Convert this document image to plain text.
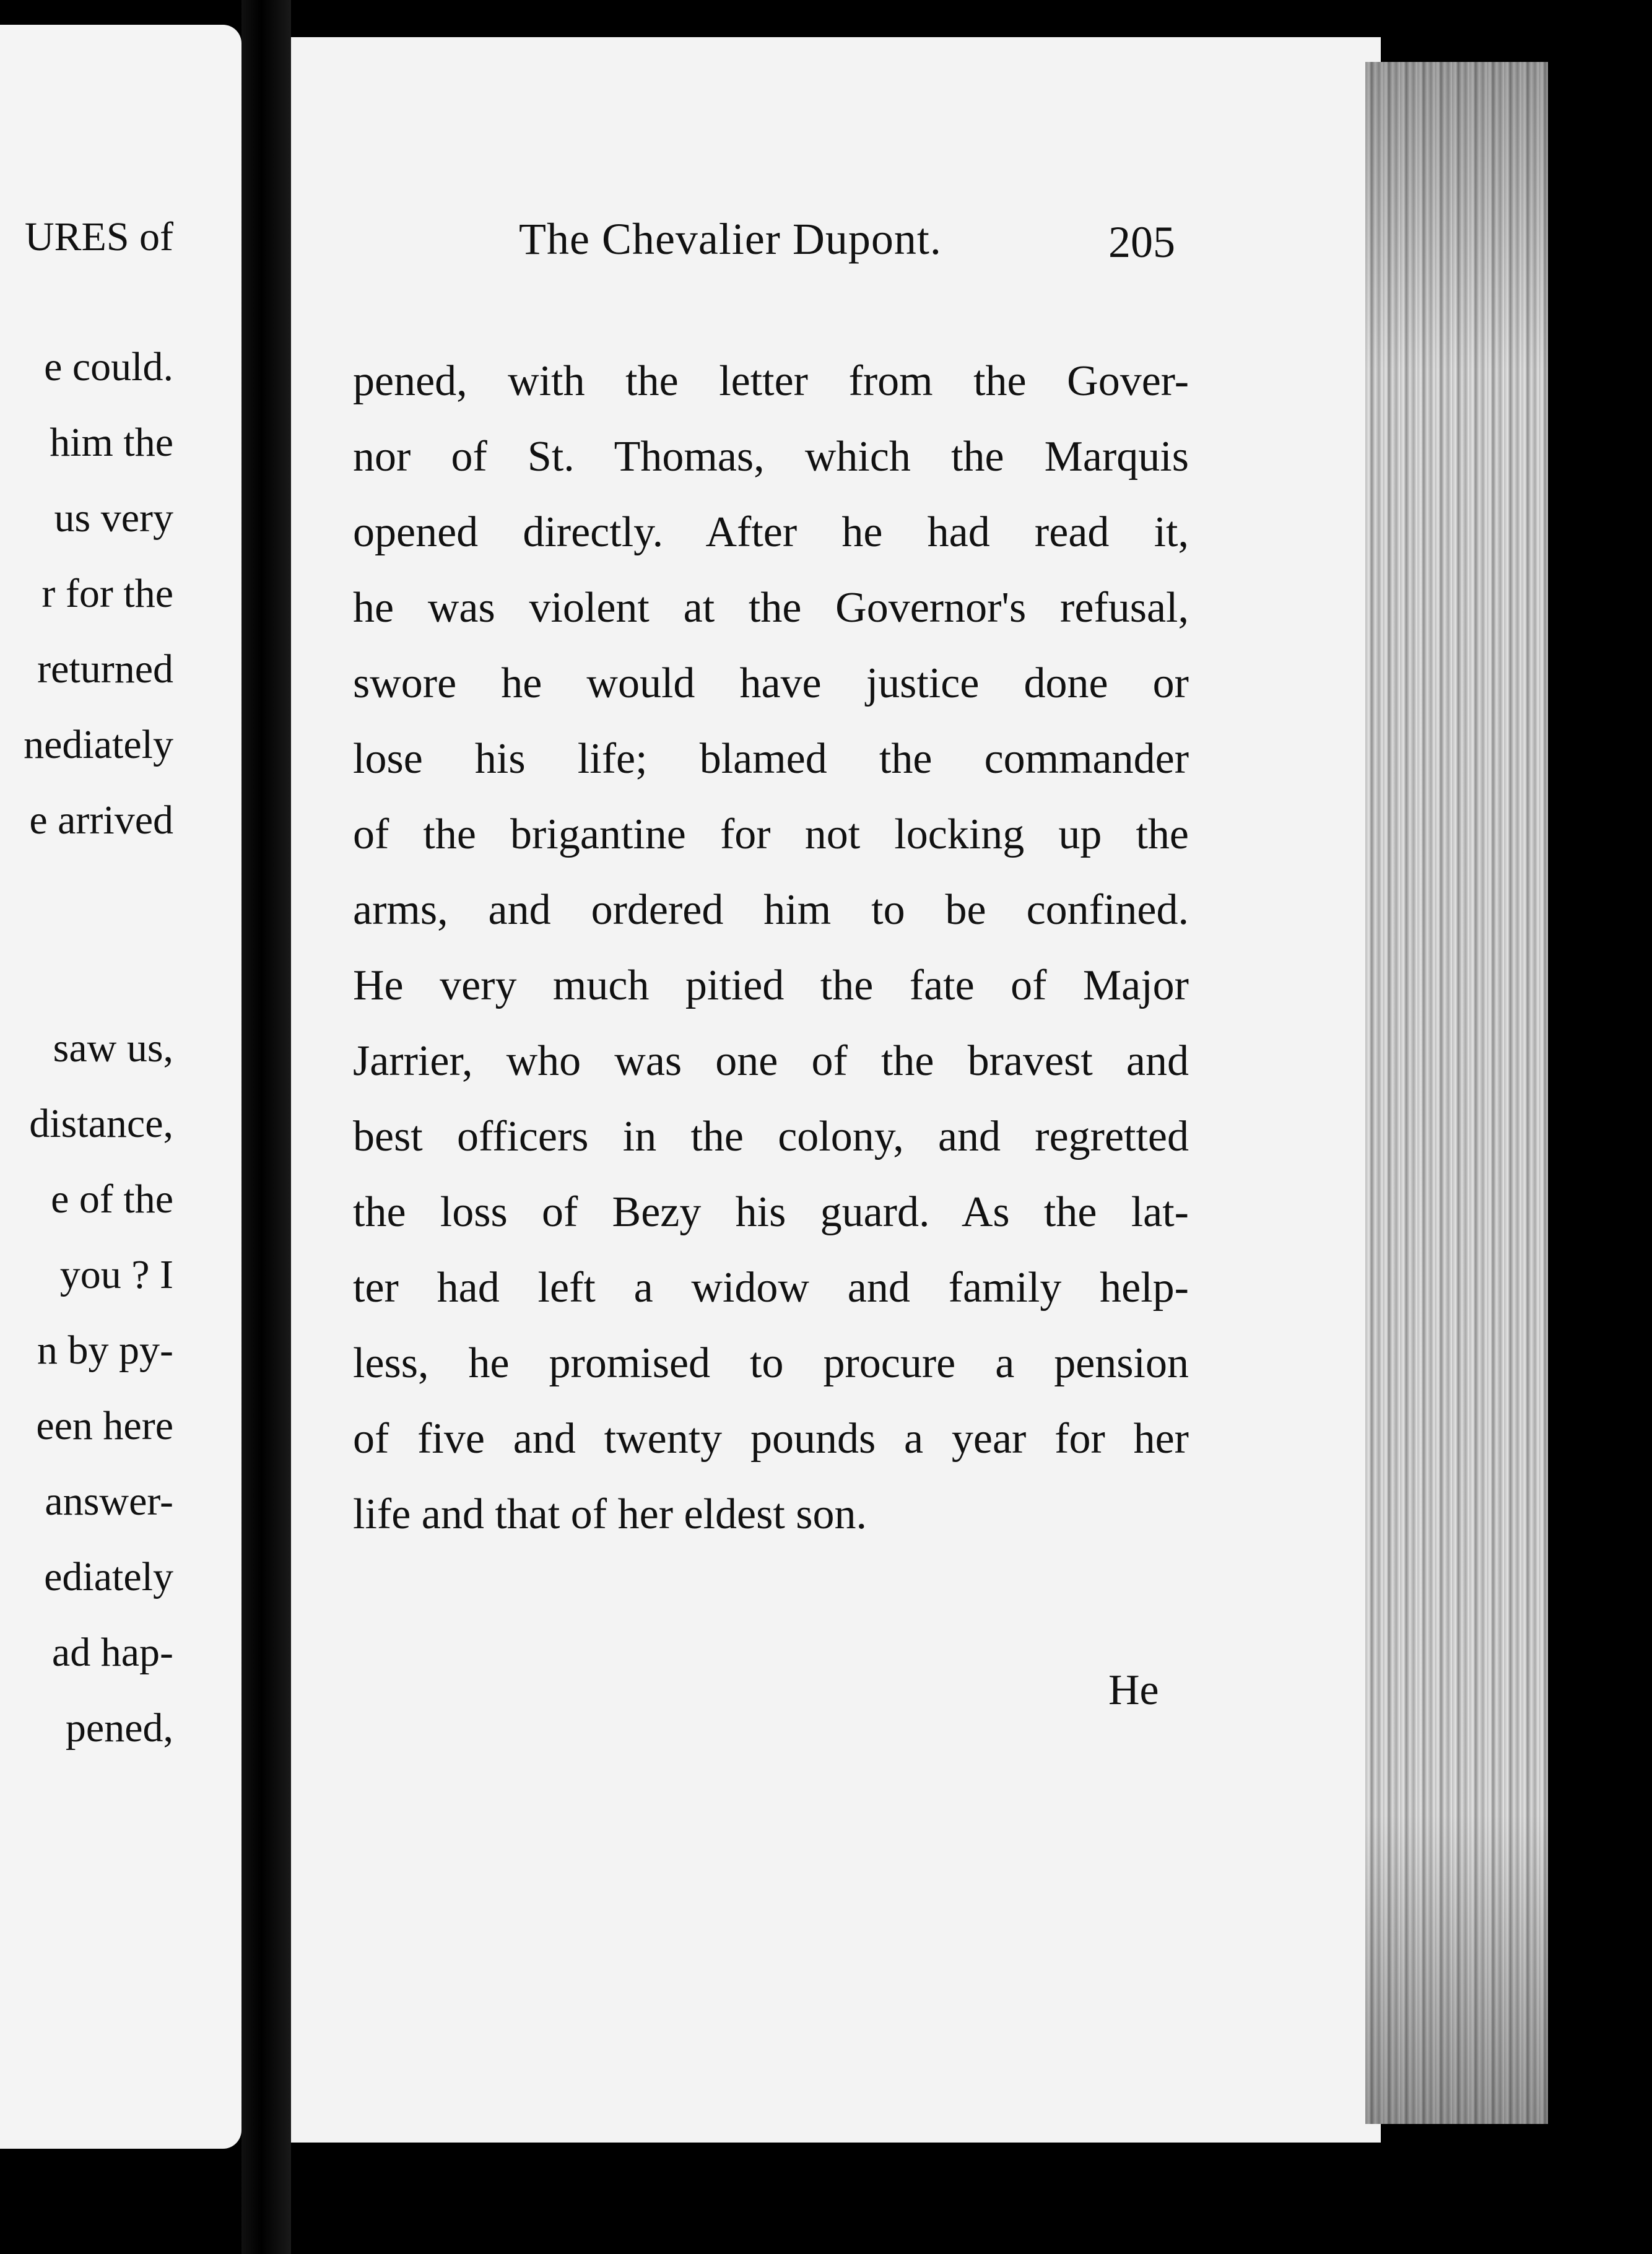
URES of
e could.
him the
us very
r for the
returned
nediately
e arrived
saw us,
distance,
e of the
you ? I
n by py-
een here
answer-
ediately
ad hap-
pened,
The Chevalier Dupont.	205
pened, with the letter from the Gover-
nor of St. Thomas, which the Marquis
opened directly. After he had read it,
he was violent at the Governor's refusal,
swore he would have justice done or
lose his life; blamed the commander
of the brigantine for not locking up the
arms, and ordered him to be confined.
He very much pitied the fate of Major
Jarrier, who was one of the bravest and
best officers in the colony, and regretted
the loss of Bezy his guard. As the lat-
ter had left a widow and family help-
less, he promised to procure a pension
of five and twenty pounds a year for her
life and that of her eldest son.
He
